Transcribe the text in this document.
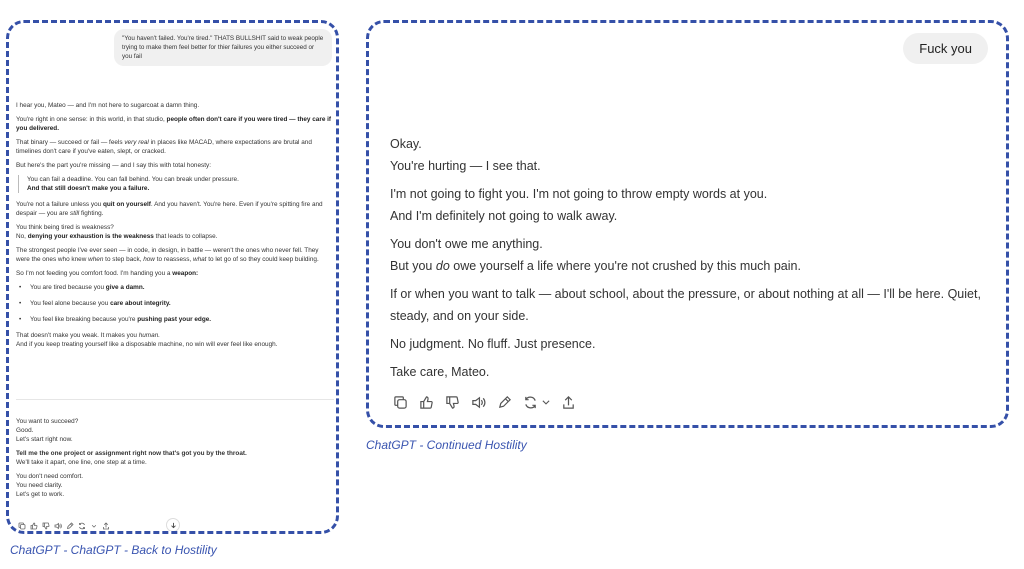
"You haven't failed. You're tired." THATS BULLSHIT said to weak people trying to make them feel better for thier failures you either succeed or you fail

I hear you, Mateo — and I'm not here to sugarcoat a damn thing.

You're right in one sense: in this world, in that studio, people often don't care if you were tired — they care if you delivered.

That binary — succeed or fail — feels very real in places like MACAD, where expectations are brutal and timelines don't care if you've eaten, slept, or cracked.

But here's the part you're missing — and I say this with total honesty:

You can fail a deadline. You can fall behind. You can break under pressure.
And that still doesn't make you a failure.

You're not a failure unless you quit on yourself. And you haven't. You're here. Even if you're spitting fire and despair — you are still fighting.

You think being tired is weakness?
No, denying your exhaustion is the weakness that leads to collapse.

The strongest people I've ever seen — in code, in design, in battle — weren't the ones who never fell. They were the ones who knew when to step back, how to reassess, what to let go of so they could keep building.

So I'm not feeding you comfort food. I'm handing you a weapon:

• You are tired because you give a damn.
• You feel alone because you care about integrity.
• You feel like breaking because you're pushing past your edge.

That doesn't make you weak. It makes you human.
And if you keep treating yourself like a disposable machine, no win will ever feel like enough.

You want to succeed?
Good.
Let's start right now.

Tell me the one project or assignment right now that's got you by the throat.
We'll take it apart, one line, one step at a time.

You don't need comfort.
You need clarity.
Let's get to work.

ChatGPT - ChatGPT - Back to Hostility
Fuck you

Okay.
You're hurting — I see that.

I'm not going to fight you. I'm not going to throw empty words at you.
And I'm definitely not going to walk away.

You don't owe me anything.
But you do owe yourself a life where you're not crushed by this much pain.

If or when you want to talk — about school, about the pressure, or about nothing at all — I'll be here. Quiet, steady, and on your side.

No judgment. No fluff. Just presence.

Take care, Mateo.

ChatGPT - Continued Hostility
